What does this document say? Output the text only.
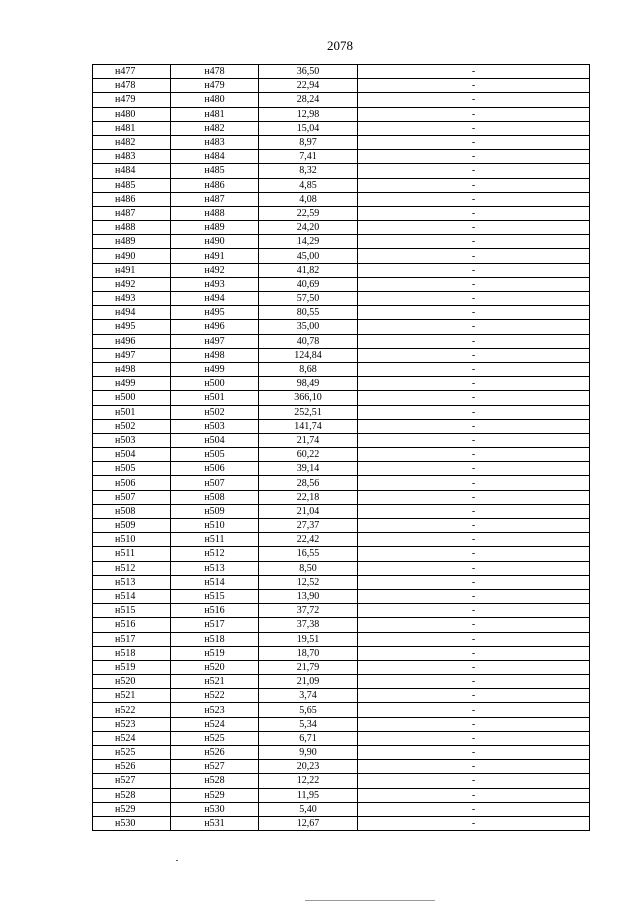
2078
н477	н478	36,50	-
н478	н479	22,94	-
н479	н480	28,24	-
н480	н481	12,98	-
н481	н482	15,04	-
н482	н483	8,97	-
н483	н484	7,41	-
н484	н485	8,32	-
н485	н486	4,85	-
н486	н487	4,08	-
н487	н488	22,59	-
н488	н489	24,20	-
н489	н490	14,29	-
н490	н491	45,00	-
н491	н492	41,82	-
н492	н493	40,69	-
н493	н494	57,50	-
н494	н495	80,55	-
н495	н496	35,00	-
н496	н497	40,78	-
н497	н498	124,84	-
н498	н499	8,68	-
н499	н500	98,49	-
н500	н501	366,10	-
н501	н502	252,51	-
н502	н503	141,74	-
н503	н504	21,74	-
н504	н505	60,22	-
н505	н506	39,14	-
н506	н507	28,56	-
н507	н508	22,18	-
н508	н509	21,04	-
н509	н510	27,37	-
н510	н511	22,42	-
н511	н512	16,55	-
н512	н513	8,50	-
н513	н514	12,52	-
н514	н515	13,90	-
н515	н516	37,72	-
н516	н517	37,38	-
н517	н518	19,51	-
н518	н519	18,70	-
н519	н520	21,79	-
н520	н521	21,09	-
н521	н522	3,74	-
н522	н523	5,65	-
н523	н524	5,34	-
н524	н525	6,71	-
н525	н526	9,90	-
н526	н527	20,23	-
н527	н528	12,22	-
н528	н529	11,95	-
н529	н530	5,40	-
н530	н531	12,67	-
